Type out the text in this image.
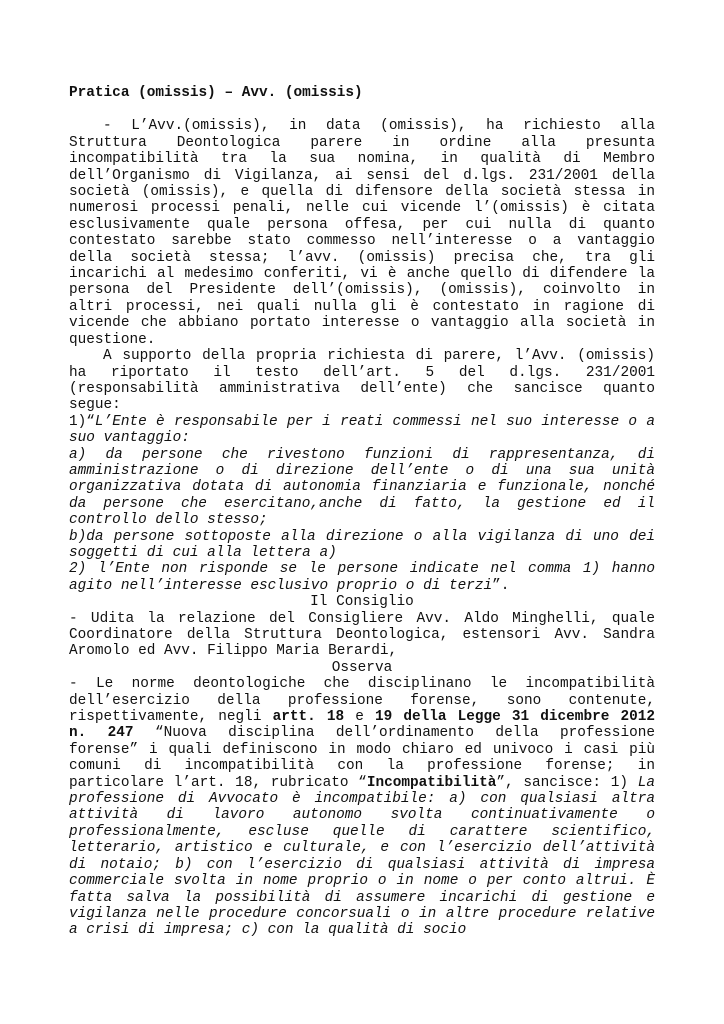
Pratica (omissis) – Avv. (omissis)

- L’Avv.(omissis), in data (omissis), ha richiesto alla Struttura Deontologica parere in ordine alla presunta incompatibilità tra la sua nomina, in qualità di Membro dell’Organismo di Vigilanza, ai sensi del d.lgs. 231/2001 della società (omissis), e quella di difensore della società stessa in numerosi processi penali, nelle cui vicende l’(omissis) è citata esclusivamente quale persona offesa, per cui nulla di quanto contestato sarebbe stato commesso nell’interesse o a vantaggio della società stessa; l’avv. (omissis) precisa che, tra gli incarichi al medesimo conferiti, vi è anche quello di difendere la persona del Presidente dell’(omissis), (omissis), coinvolto in altri processi, nei quali nulla gli è contestato in ragione di vicende che abbiano portato interesse o vantaggio alla società in questione.

A supporto della propria richiesta di parere, l’Avv. (omissis) ha riportato il testo dell’art. 5 del d.lgs. 231/2001 (responsabilità amministrativa dell’ente) che sancisce quanto segue:

1)“L’Ente è responsabile per i reati commessi nel suo interesse o a suo vantaggio:

a) da persone che rivestono funzioni di rappresentanza, di amministrazione o di direzione dell’ente o di una sua unità organizzativa dotata di autonomia finanziaria e funzionale, nonché da persone che esercitano,anche di fatto, la gestione ed il controllo dello stesso;

b)da persone sottoposte alla direzione o alla vigilanza di uno dei soggetti di cui alla lettera a)

2) l’Ente non risponde se le persone indicate nel comma 1) hanno agito nell’interesse esclusivo proprio o di terzi”.

Il Consiglio

- Udita la relazione del Consigliere Avv. Aldo Minghelli, quale Coordinatore della Struttura Deontologica, estensori Avv. Sandra Aromolo ed Avv. Filippo Maria Berardi,

Osserva

- Le norme deontologiche che disciplinano le incompatibilità dell’esercizio della professione forense, sono contenute, rispettivamente, negli artt. 18 e 19 della Legge 31 dicembre 2012 n. 247 “Nuova disciplina dell’ordinamento della professione forense” i quali definiscono in modo chiaro ed univoco i casi più comuni di incompatibilità con la professione forense; in particolare l’art. 18, rubricato “Incompatibilità”, sancisce: 1) La professione di Avvocato è incompatibile: a) con qualsiasi altra attività di lavoro autonomo svolta continuativamente o professionalmente, escluse quelle di carattere scientifico, letterario, artistico e culturale, e con l’esercizio dell’attività di notaio; b) con l’esercizio di qualsiasi attività di impresa commerciale svolta in nome proprio o in nome o per conto altrui. È fatta salva la possibilità di assumere incarichi di gestione e vigilanza nelle procedure concorsuali o in altre procedure relative a crisi di impresa; c) con la qualità di socio
